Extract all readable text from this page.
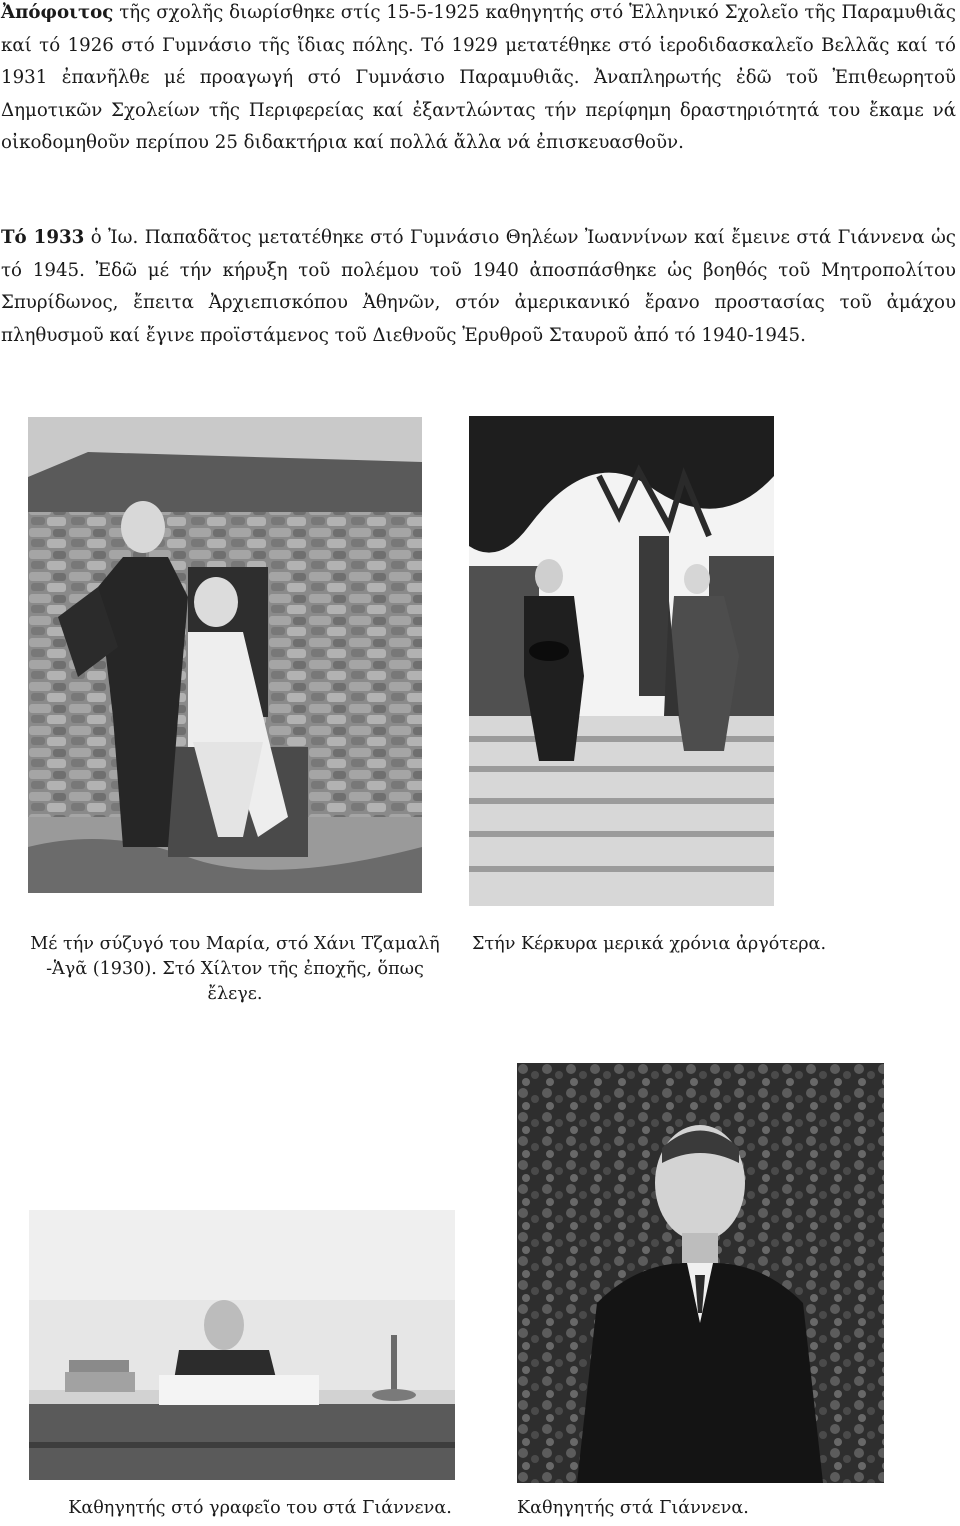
Ἀπόφοιτος τῆς σχολῆς διωρίσθηκε στίς 15-5-1925 καθηγητής στό Ἑλληνικό Σχολεῖο τῆς Παραμυθιᾶς καί τό 1926 στό Γυμνάσιο τῆς ἴδιας πόλης. Τό 1929 μετατέθηκε στό ἱεροδιδασκαλεῖο Βελλᾶς καί τό 1931 ἐπανῆλθε μέ προαγωγή στό Γυμνάσιο Παραμυθιᾶς. Ἀναπληρωτής ἐδῶ τοῦ Ἐπιθεωρητοῦ Δημοτικῶν Σχολείων τῆς Περιφερείας καί ἐξαντλώντας τήν περίφημη δραστηριότητά του ἔκαμε νά οἰκοδομηθοῦν περίπου 25 διδακτήρια καί πολλά ἄλλα νά ἐπισκευασθοῦν.

Τό 1933 ὁ Ἰω. Παπαδᾶτος μετατέθηκε στό Γυμνάσιο Θηλέων Ἰωαννίνων καί ἔμεινε στά Γιάννενα ὡς τό 1945. Ἐδῶ μέ τήν κήρυξη τοῦ πολέμου τοῦ 1940 ἀποσπάσθηκε ὡς βοηθός τοῦ Μητροπολίτου Σπυρίδωνος, ἔπειτα Ἀρχιεπισκόπου Ἀθηνῶν, στόν ἀμερικανικό ἔρανο προστασίας τοῦ ἀμάχου πληθυσμοῦ καί ἔγινε προϊστάμενος τοῦ Διεθνοῦς Ἐρυθροῦ Σταυροῦ ἀπό τό 1940-1945.

Μέ τήν σύζυγό του Μαρία, στό Χάνι Τζαμαλῆ -Ἁγᾶ (1930). Στό Χίλτον τῆς ἐποχῆς, ὅπως ἔλεγε.

Στήν Κέρκυρα μερικά χρόνια ἀργότερα.

Καθηγητής στό γραφεῖο του στά Γιάννενα.	Καθηγητής στά Γιάννενα.
